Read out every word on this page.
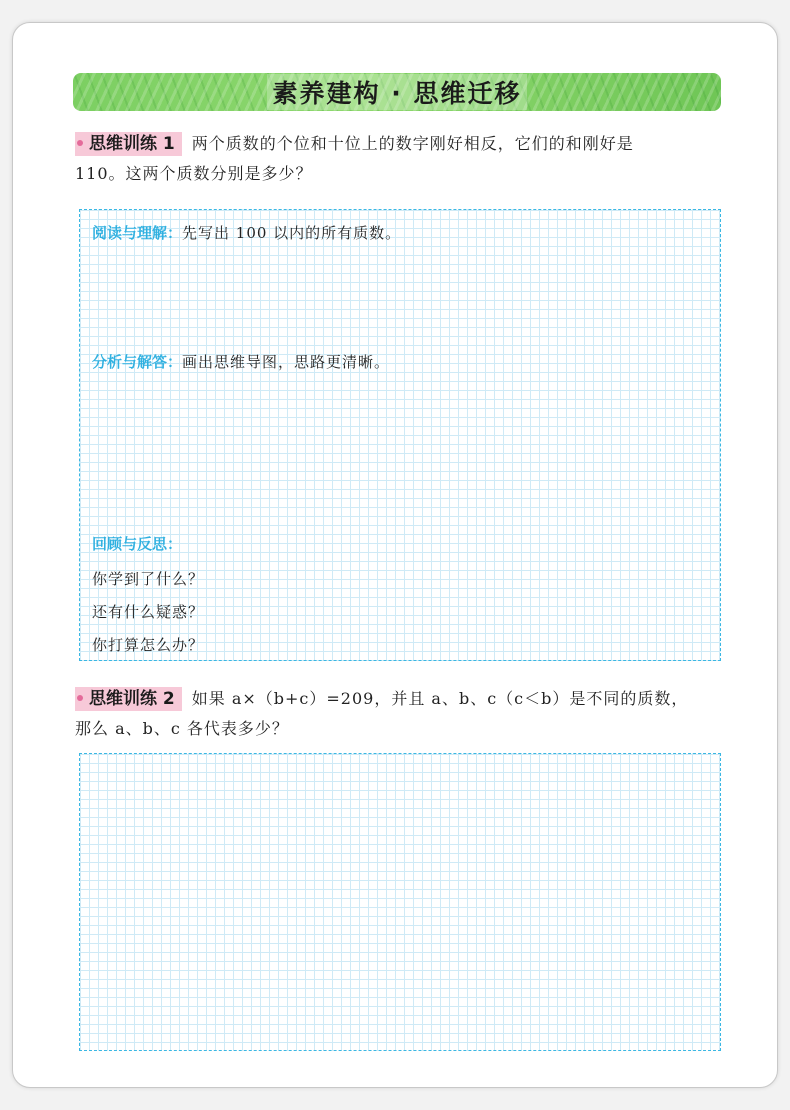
素养建构 · 思维迁移
思维训练 1 两个质数的个位和十位上的数字刚好相反，它们的和刚好是
110。这两个质数分别是多少？
阅读与理解：先写出 100 以内的所有质数。
分析与解答：画出思维导图，思路更清晰。
回顾与反思：
你学到了什么？
还有什么疑惑？
你打算怎么办？
思维训练 2 如果 a×（b+c）=209，并且 a、b、c（c＜b）是不同的质数，
那么 a、b、c 各代表多少？
